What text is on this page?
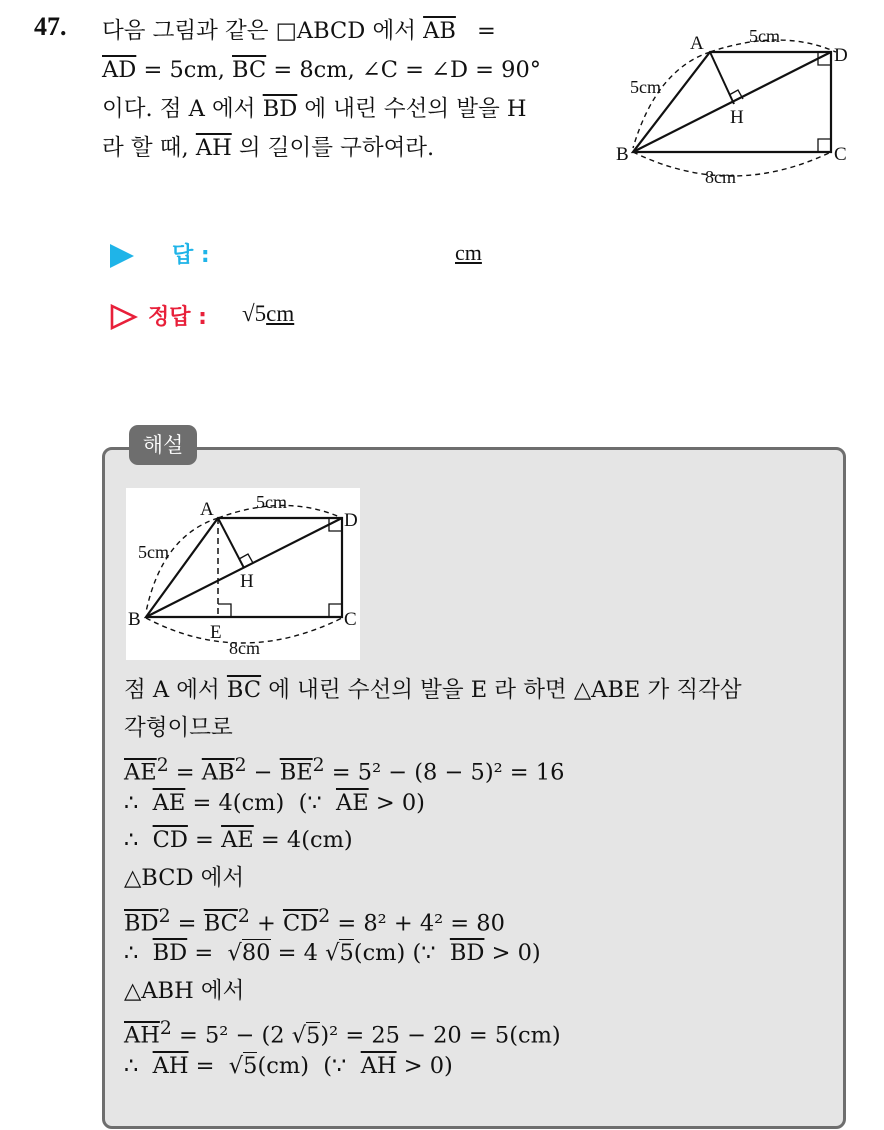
47. 다음 그림과 같은 □ABCD 에서 $\overline{AB}$ =
$\overline{AD} = 5cm$, $\overline{BC} = 8cm$, ∠C = ∠D = 90°
이다. 점 A 에서 $\overline{BD}$ 에 내린 수선의 발을 H
라 할 때, $\overline{AH}$ 의 길이를 구하여라.
A
D
B	C
H
5cm
5cm
8cm
답 :	cm
정답 : √5cm
해설
A
D
B	C
H
E
5cm
5cm
8cm
점 A 에서 $\overline{BC}$ 에 내린 수선의 발을 E 라 하면 △ABE 가 직각삼
각형이므로
$\overline{AE}^2 = \overline{AB}^2 - \overline{BE}^2 = 5^2 - (8 - 5)^2 = 16$
∴  $\overline{AE} = 4(cm)$  (∵  $\overline{AE} > 0$)
∴  $\overline{CD} = \overline{AE} = 4(cm)$
△BCD 에서
$\overline{BD}^2 = \overline{BC}^2 + \overline{CD}^2 = 8^2 + 4^2 = 80$
∴  $\overline{BD} = √80 = 4$ √5(cm) (∵  $\overline{BD} > 0$)
△ABH 에서
$\overline{AH}^2 = 5^2 - (2$ √5)² = 25 − 20 = 5(cm)
∴  $\overline{AH} = √5(cm)$  (∵  $\overline{AH} > 0$)
